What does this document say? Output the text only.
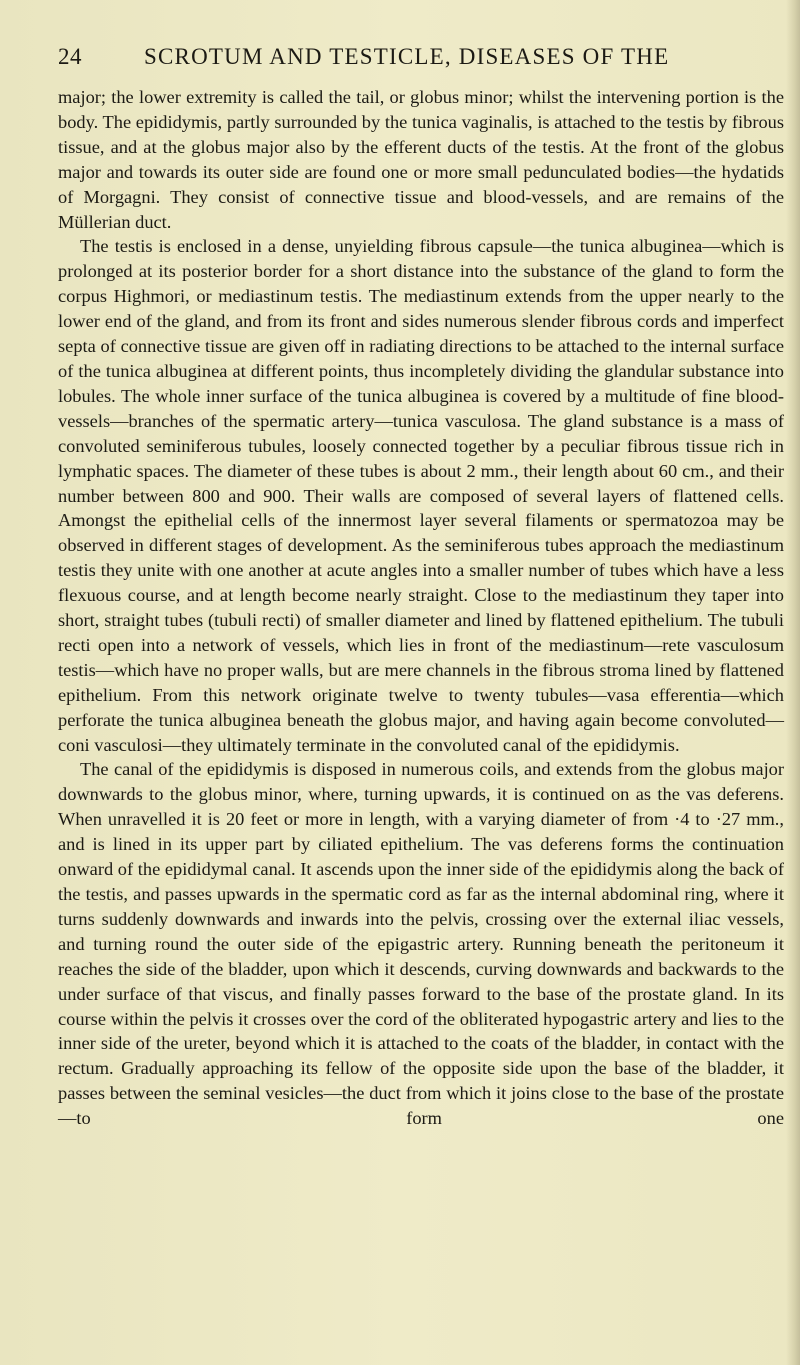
24	SCROTUM AND TESTICLE, DISEASES OF THE

major; the lower extremity is called the tail, or globus minor; whilst the intervening portion is the body. The epididymis, partly surrounded by the tunica vaginalis, is attached to the testis by fibrous tissue, and at the globus major also by the efferent ducts of the testis. At the front of the globus major and towards its outer side are found one or more small pedunculated bodies—the hydatids of Morgagni. They consist of connective tissue and blood-vessels, and are remains of the Müllerian duct.

The testis is enclosed in a dense, unyielding fibrous capsule—the tunica albuginea—which is prolonged at its posterior border for a short distance into the substance of the gland to form the corpus Highmori, or mediastinum testis. The mediastinum extends from the upper nearly to the lower end of the gland, and from its front and sides numerous slender fibrous cords and imperfect septa of connective tissue are given off in radiating directions to be attached to the internal surface of the tunica albuginea at different points, thus incompletely dividing the glandular substance into lobules. The whole inner surface of the tunica albuginea is covered by a multitude of fine blood-vessels—branches of the spermatic artery—tunica vasculosa. The gland substance is a mass of convoluted seminiferous tubules, loosely connected together by a peculiar fibrous tissue rich in lymphatic spaces. The diameter of these tubes is about 2 mm., their length about 60 cm., and their number between 800 and 900. Their walls are composed of several layers of flattened cells. Amongst the epithelial cells of the innermost layer several filaments or spermatozoa may be observed in different stages of development. As the seminiferous tubes approach the mediastinum testis they unite with one another at acute angles into a smaller number of tubes which have a less flexuous course, and at length become nearly straight. Close to the mediastinum they taper into short, straight tubes (tubuli recti) of smaller diameter and lined by flattened epithelium. The tubuli recti open into a network of vessels, which lies in front of the mediastinum—rete vasculosum testis—which have no proper walls, but are mere channels in the fibrous stroma lined by flattened epithelium. From this network originate twelve to twenty tubules—vasa efferentia—which perforate the tunica albuginea beneath the globus major, and having again become convoluted—coni vasculosi—they ultimately terminate in the convoluted canal of the epididymis.

The canal of the epididymis is disposed in numerous coils, and extends from the globus major downwards to the globus minor, where, turning upwards, it is continued on as the vas deferens. When unravelled it is 20 feet or more in length, with a varying diameter of from ·4 to ·27 mm., and is lined in its upper part by ciliated epithelium. The vas deferens forms the continuation onward of the epididymal canal. It ascends upon the inner side of the epididymis along the back of the testis, and passes upwards in the spermatic cord as far as the internal abdominal ring, where it turns suddenly downwards and inwards into the pelvis, crossing over the external iliac vessels, and turning round the outer side of the epigastric artery. Running beneath the peritoneum it reaches the side of the bladder, upon which it descends, curving downwards and backwards to the under surface of that viscus, and finally passes forward to the base of the prostate gland. In its course within the pelvis it crosses over the cord of the obliterated hypogastric artery and lies to the inner side of the ureter, beyond which it is attached to the coats of the bladder, in contact with the rectum. Gradually approaching its fellow of the opposite side upon the base of the bladder, it passes between the seminal vesicles—the duct from which it joins close to the base of the prostate—to form one
